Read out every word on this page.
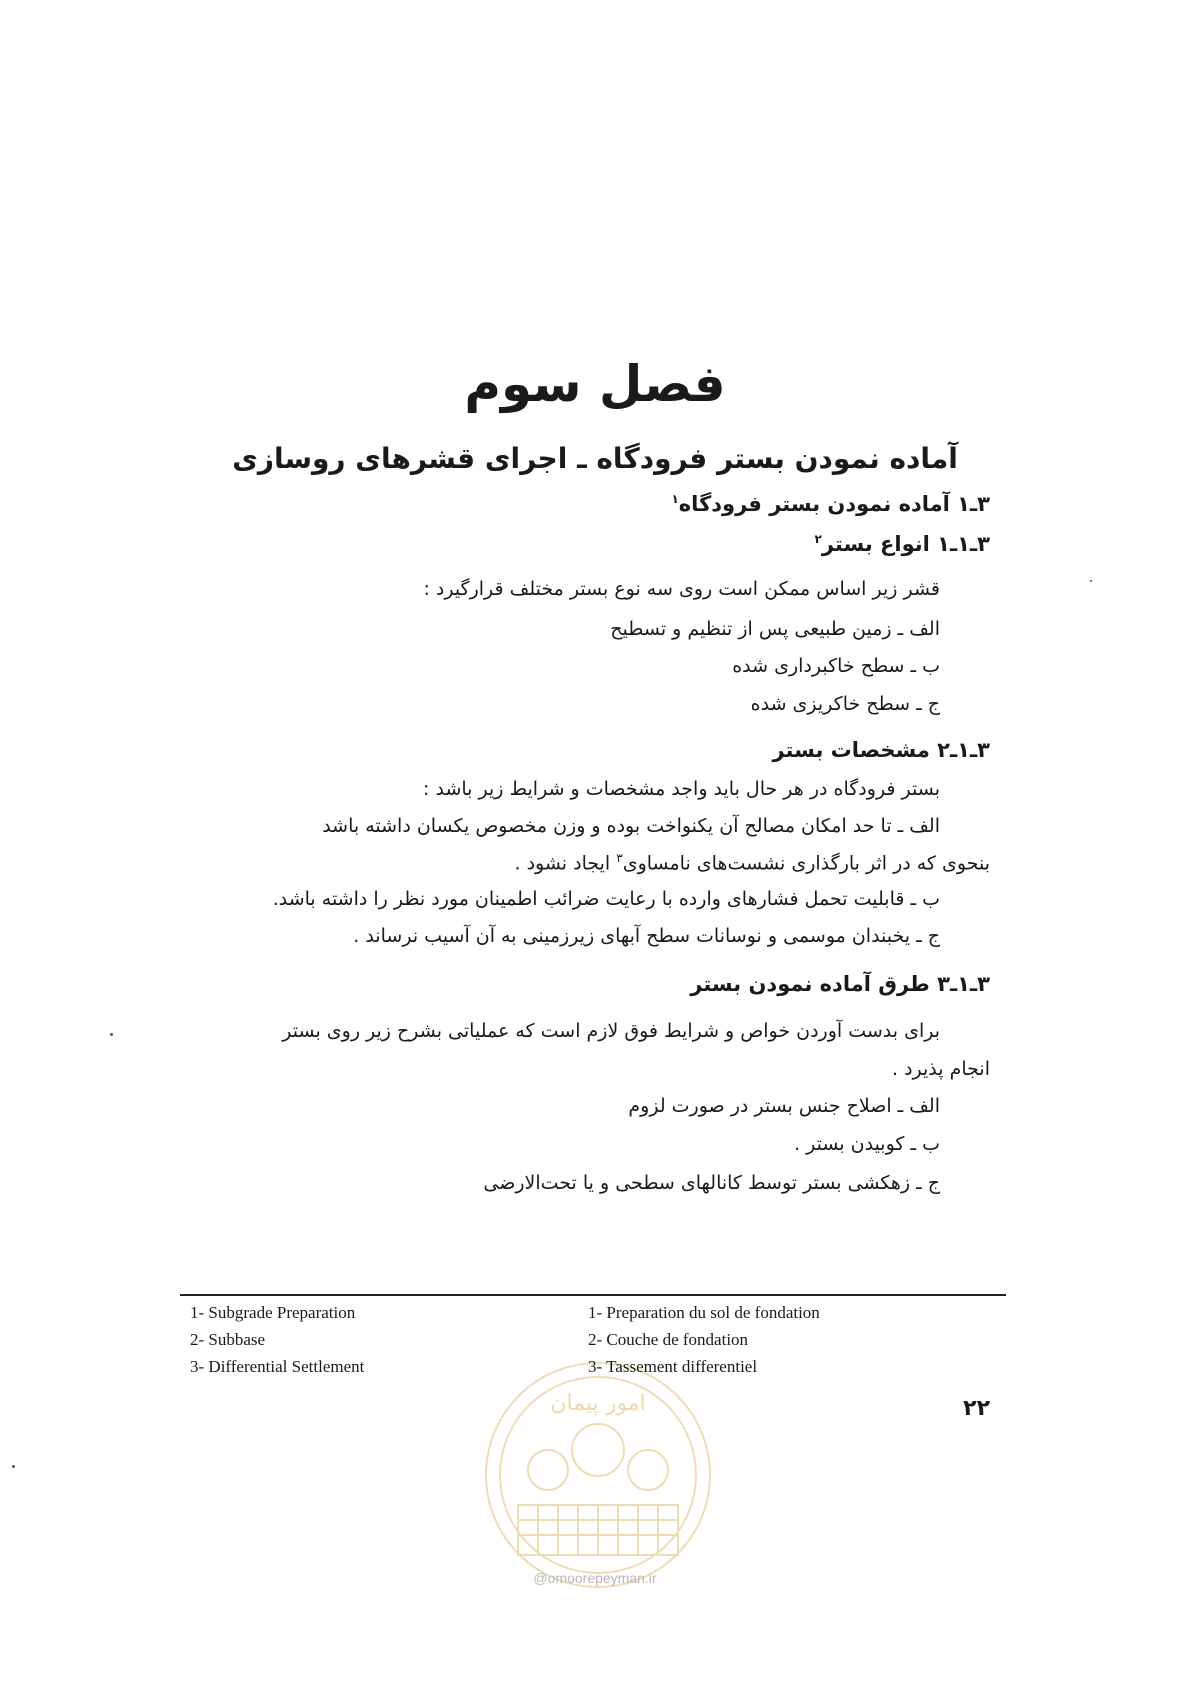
فصل سوم
آماده نمودن بستر فرودگاه ـ اجرای قشرهای روسازی
۳ـ۱ آماده نمودن بستر فرودگاه$^۱$
۳ـ۱ـ۱ انواع بستر$^۲$
قشر زیر اساس ممکن است روی سه نوع بستر مختلف قرارگیرد :
الف ـ زمین طبیعی پس از تنظیم و تسطیح
ب ـ سطح خاکبرداری شده
ج ـ سطح خاکریزی شده
۳ـ۱ـ۲ مشخصات بستر
بستر فرودگاه در هر حال باید واجد مشخصات و شرایط زیر باشد :
الف ـ تا حد امکان مصالح آن یکنواخت بوده و وزن مخصوص یکسان داشته باشد
بنحوی که در اثر بارگذاری نشست‌های نامساوی$^۳$ ایجاد نشود .
ب ـ قابلیت تحمل فشارهای وارده با رعایت ضرائب اطمینان مورد نظر را داشته باشد.
ج ـ یخبندان موسمی و نوسانات سطح آبهای زیرزمینی به آن آسیب نرساند .
۳ـ۱ـ۳ طرق آماده نمودن بستر
برای بدست آوردن خواص و شرایط فوق لازم است که عملیاتی بشرح زیر روی بستر
انجام پذیرد .
الف ـ اصلاح جنس بستر در صورت لزوم
ب ـ کوبیدن بستر .
ج ـ زهکشی بستر توسط کانالهای سطحی و یا تحت‌الارضی
امور پیمان
1- Subgrade Preparation
2- Subbase
3- Differential Settlement
1- Preparation du sol de fondation
2- Couche de fondation
3- Tassement differentiel
۲۲
@omoorepeyman.ir
